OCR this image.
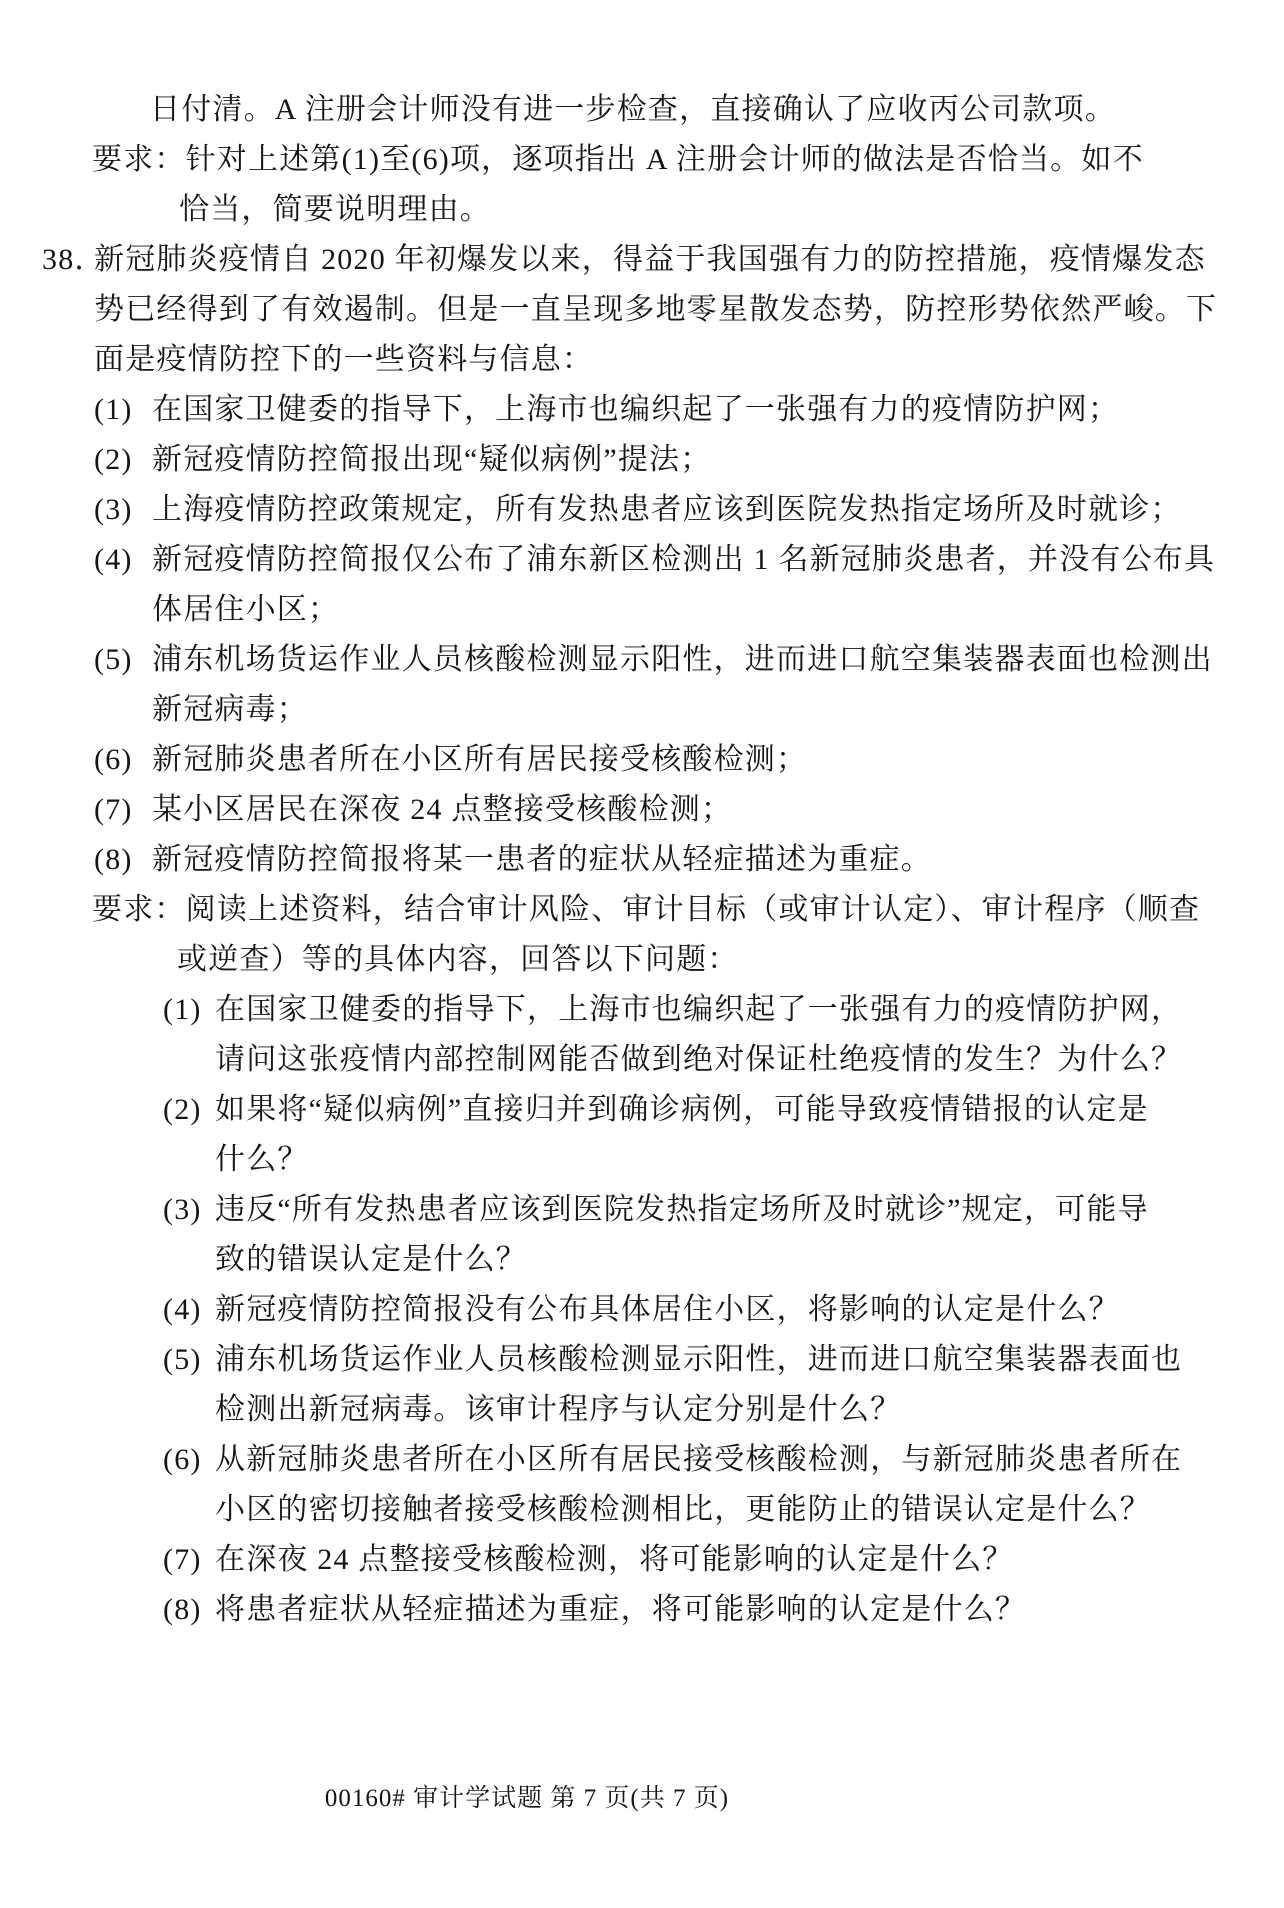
日付清。A 注册会计师没有进一步检查，直接确认了应收丙公司款项。
要求：针对上述第(1)至(6)项，逐项指出 A 注册会计师的做法是否恰当。如不
恰当，简要说明理由。
38．新冠肺炎疫情自 2020 年初爆发以来，得益于我国强有力的防控措施，疫情爆发态
势已经得到了有效遏制。但是一直呈现多地零星散发态势，防控形势依然严峻。下
面是疫情防控下的一些资料与信息：
(1) 在国家卫健委的指导下，上海市也编织起了一张强有力的疫情防护网；
(2) 新冠疫情防控简报出现“疑似病例”提法；
(3) 上海疫情防控政策规定，所有发热患者应该到医院发热指定场所及时就诊；
(4) 新冠疫情防控简报仅公布了浦东新区检测出 1 名新冠肺炎患者，并没有公布具
体居住小区；
(5) 浦东机场货运作业人员核酸检测显示阳性，进而进口航空集装器表面也检测出
新冠病毒；
(6) 新冠肺炎患者所在小区所有居民接受核酸检测；
(7) 某小区居民在深夜 24 点整接受核酸检测；
(8) 新冠疫情防控简报将某一患者的症状从轻症描述为重症。
要求：阅读上述资料，结合审计风险、审计目标（或审计认定）、审计程序（顺查
或逆查）等的具体内容，回答以下问题：
(1) 在国家卫健委的指导下，上海市也编织起了一张强有力的疫情防护网，
请问这张疫情内部控制网能否做到绝对保证杜绝疫情的发生？为什么？
(2) 如果将“疑似病例”直接归并到确诊病例，可能导致疫情错报的认定是
什么？
(3) 违反“所有发热患者应该到医院发热指定场所及时就诊”规定，可能导
致的错误认定是什么？
(4) 新冠疫情防控简报没有公布具体居住小区，将影响的认定是什么？
(5) 浦东机场货运作业人员核酸检测显示阳性，进而进口航空集装器表面也
检测出新冠病毒。该审计程序与认定分别是什么？
(6) 从新冠肺炎患者所在小区所有居民接受核酸检测，与新冠肺炎患者所在
小区的密切接触者接受核酸检测相比，更能防止的错误认定是什么？
(7) 在深夜 24 点整接受核酸检测，将可能影响的认定是什么？
(8) 将患者症状从轻症描述为重症，将可能影响的认定是什么？
00160# 审计学试题 第 7 页(共 7 页)
